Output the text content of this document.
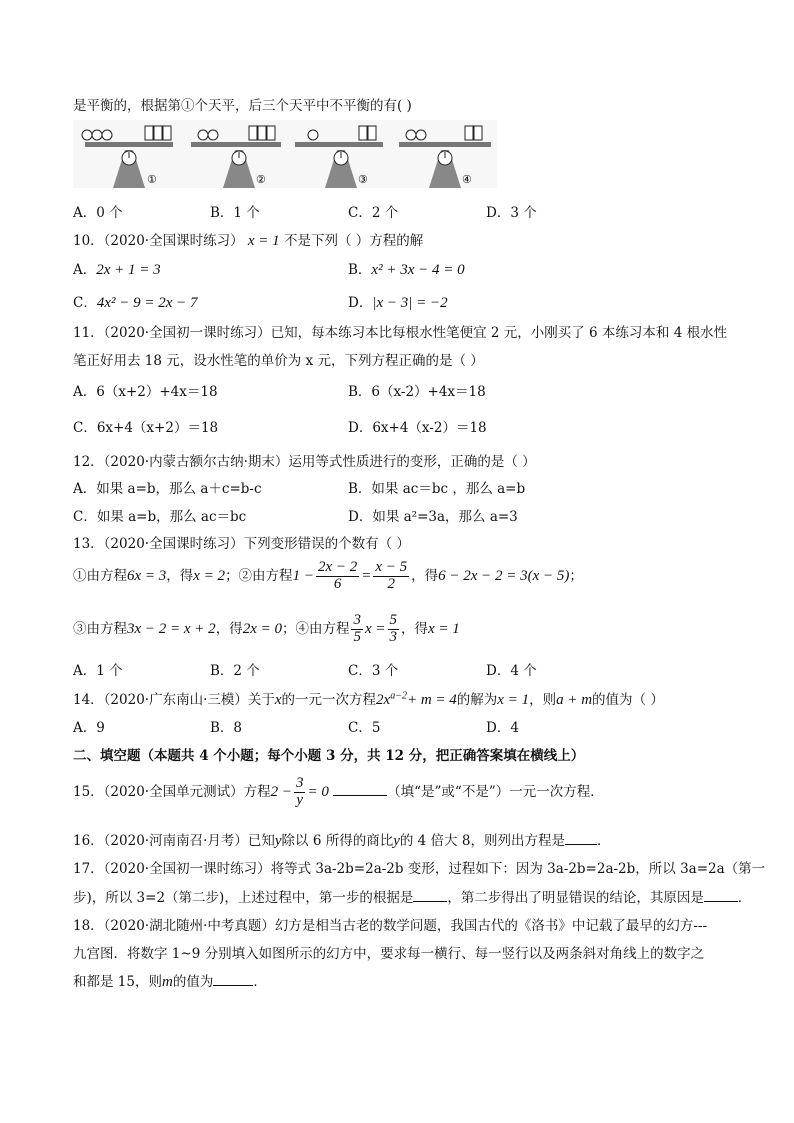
是平衡的，根据第①个天平，后三个天平中不平衡的有( )
①	②	③	④
A．0 个	B．1 个	C．2 个	D．3 个
10．（2020·全国课时练习） x = 1 不是下列（ ）方程的解
A．2x + 1 = 3	B．x² + 3x − 4 = 0
C．4x² − 9 = 2x − 7	D．|x − 3| = −2
11．（2020·全国初一课时练习）已知，每本练习本比每根水性笔便宜 2 元，小刚买了 6 本练习本和 4 根水性
笔正好用去 18 元，设水性笔的单价为 x 元，下列方程正确的是（ ）
A．6（x+2）+4x＝18	B．6（x-2）+4x＝18
C．6x+4（x+2）＝18	D．6x+4（x-2）＝18
12．（2020·内蒙古额尔古纳·期末）运用等式性质进行的变形，正确的是（ ）
A．如果 a=b，那么 a＋c=b-c	B．如果 ac＝bc ，那么 a=b
C．如果 a=b，那么 ac＝bc	D．如果 a²=3a，那么 a=3
13．（2020·全国课时练习）下列变形错误的个数有（ ）
①由方程6x = 3，得x = 2；②由方程$1 - \frac{2x - 2}{6} = \frac{x - 5}{2}$ ，得6 − 2x − 2 = 3(x − 5)；
③由方程3x − 2 = x + 2，得2x = 0；④由方程 $\frac{3}{5}$ $x = \frac{5}{3}$ ，得x = 1
A．1 个	B．2 个	C．3 个	D．4 个
14．（2020·广东南山·三模）关于x的一元一次方程$2x^{a-2}+ m = 4$的解为x = 1，则a + m的值为（ ）
A．9	B．8	C．5	D．4
二、填空题（本题共 4 个小题；每个小题 3 分，共 12 分，把正确答案填在横线上）
15．（2020·全国单元测试）方程$2 - \frac{3}{y} = 0$	（填“是”或“不是”）一元一次方程．
16．（2020·河南南召·月考）已知y除以 6 所得的商比y的 4 倍大 8，则列出方程是 ．
17．（2020·全国初一课时练习）将等式 3a-2b=2a-2b 变形，过程如下：因为 3a-2b=2a-2b，所以 3a=2a（第一
步)，所以 3=2（第二步)，上述过程中，第一步的根据是	，第二步得出了明显错误的结论，其原因是	．
18．（2020·湖北随州·中考真题）幻方是相当古老的数学问题，我国古代的《洛书》中记载了最早的幻方---
九宫图．将数字 1~9 分别填入如图所示的幻方中，要求每一横行、每一竖行以及两条斜对角线上的数字之
和都是 15，则m的值为	．
